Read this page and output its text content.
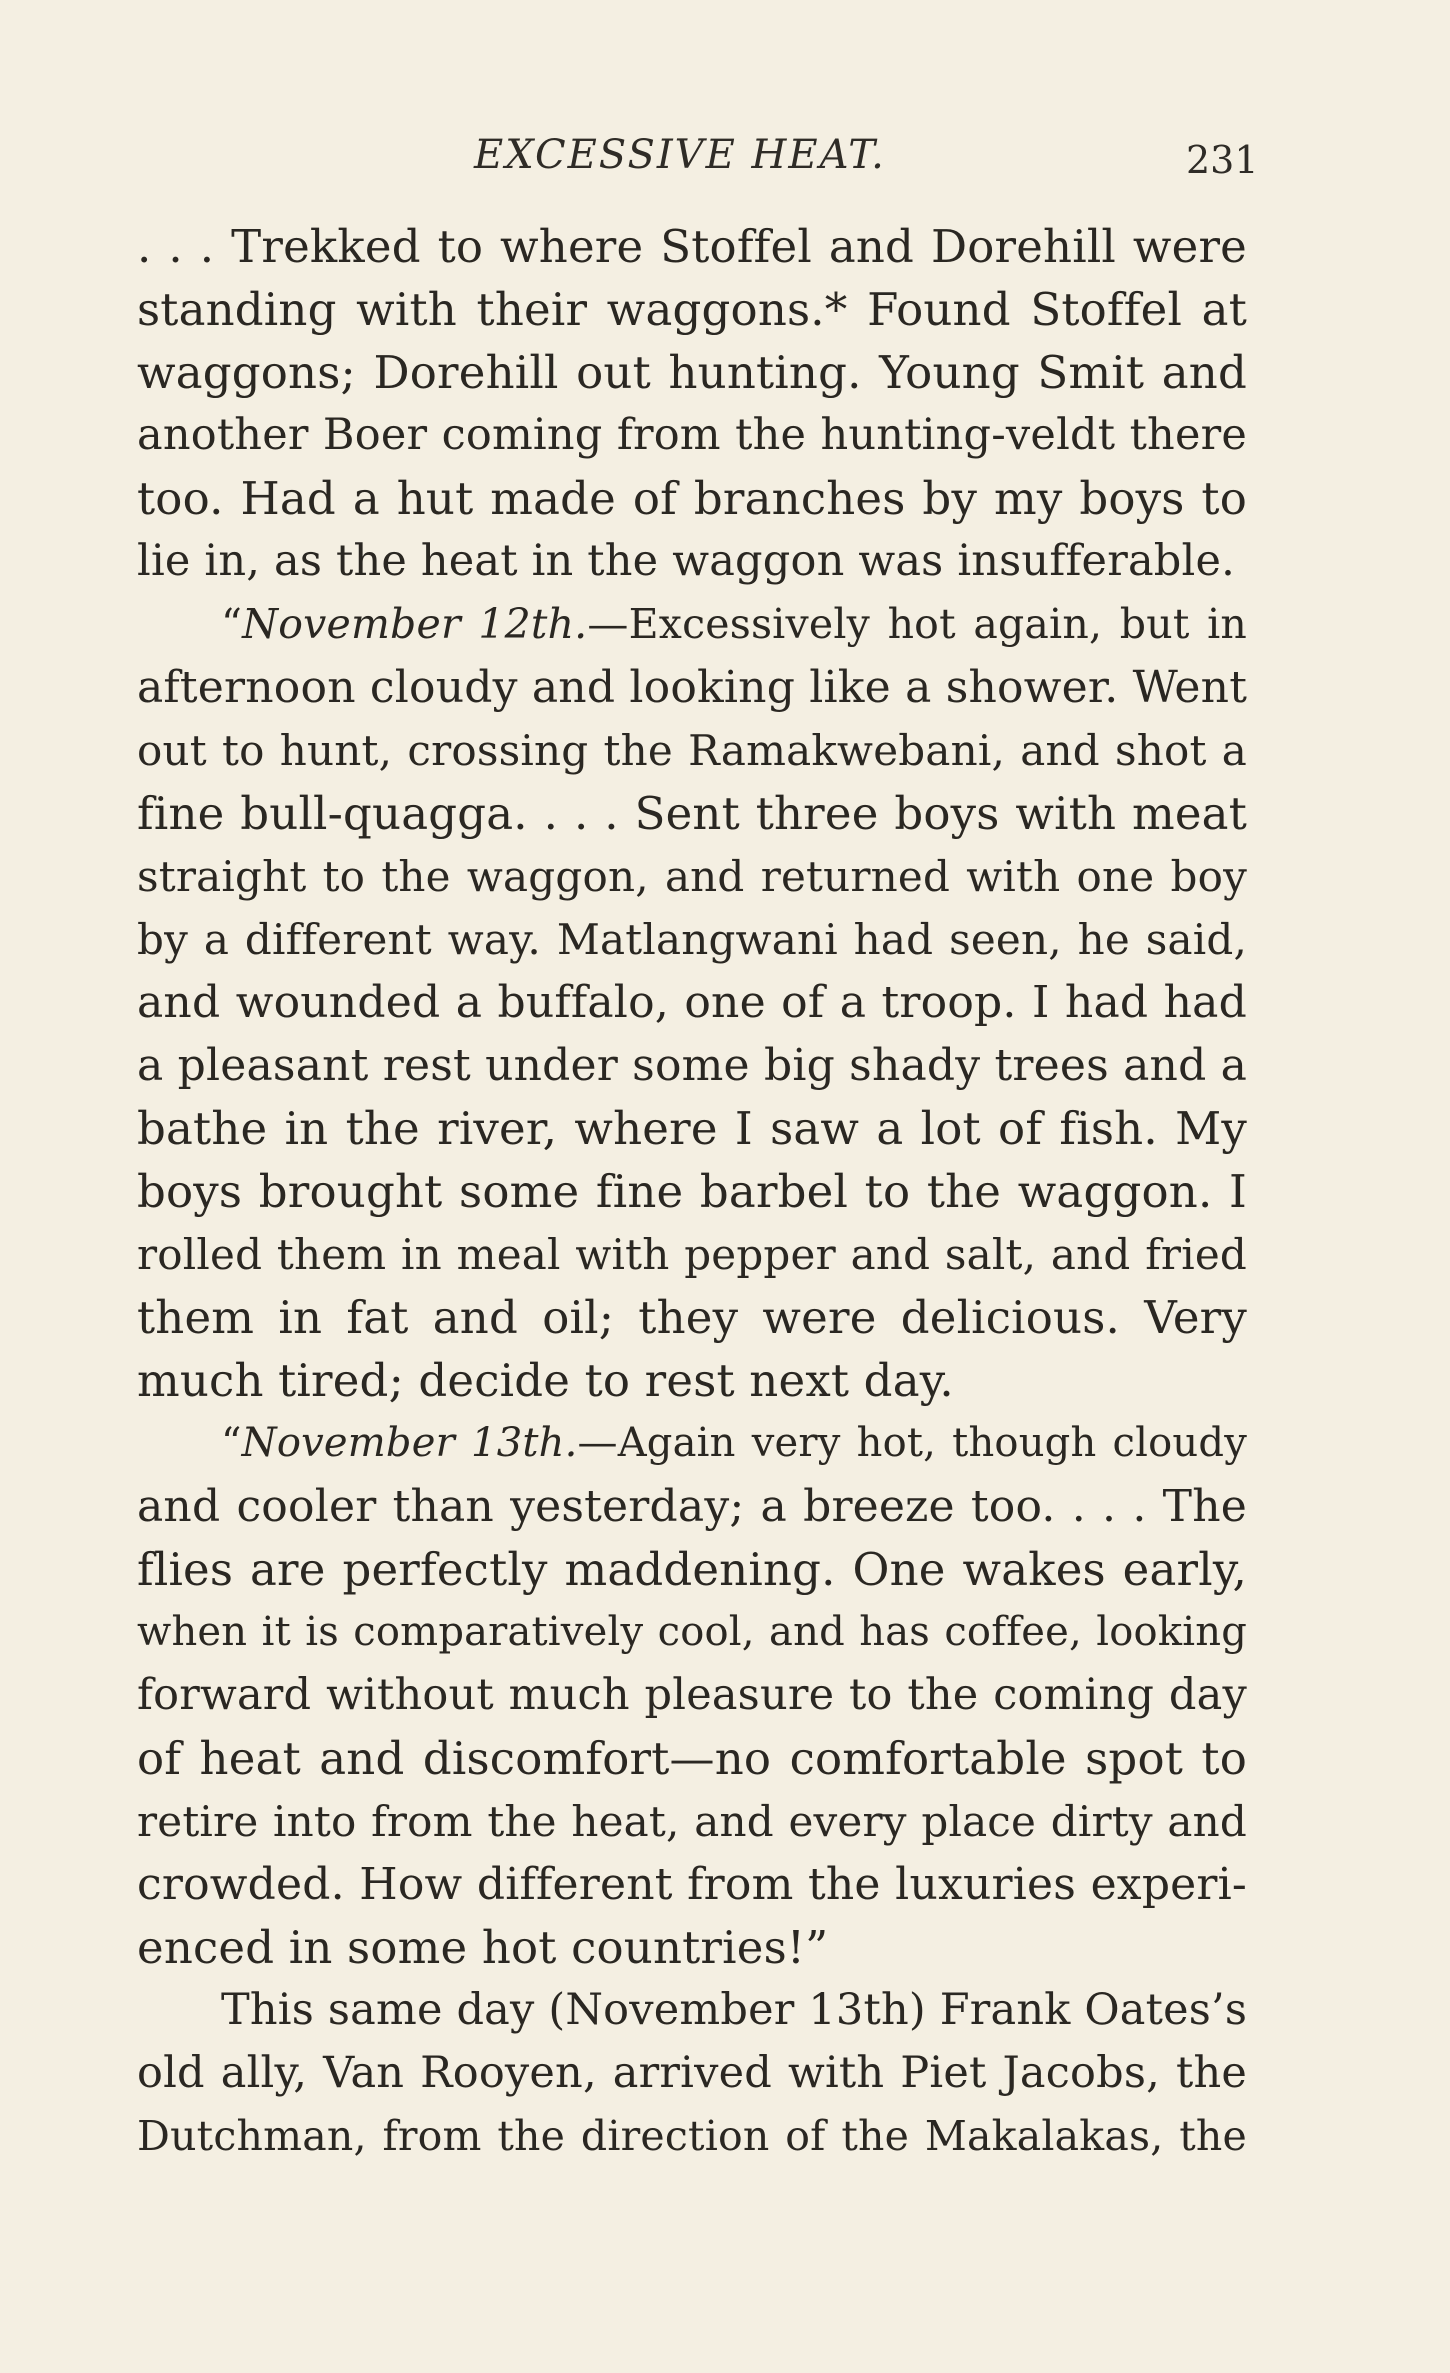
EXCESSIVE HEAT.	231
. . . Trekked to where Stoffel and Dorehill were
standing with their waggons.* Found Stoffel at
waggons; Dorehill out hunting. Young Smit and
another Boer coming from the hunting-veldt there
too. Had a hut made of branches by my boys to
lie in, as the heat in the waggon was insufferable.
“November 12th.—Excessively hot again, but in
afternoon cloudy and looking like a shower. Went
out to hunt, crossing the Ramakwebani, and shot a
fine bull-quagga. . . . Sent three boys with meat
straight to the waggon, and returned with one boy
by a different way. Matlangwani had seen, he said,
and wounded a buffalo, one of a troop. I had had
a pleasant rest under some big shady trees and a
bathe in the river, where I saw a lot of fish. My
boys brought some fine barbel to the waggon. I
rolled them in meal with pepper and salt, and fried
them in fat and oil; they were delicious. Very
much tired; decide to rest next day.
“November 13th.—Again very hot, though cloudy
and cooler than yesterday; a breeze too. . . . The
flies are perfectly maddening. One wakes early,
when it is comparatively cool, and has coffee, looking
forward without much pleasure to the coming day
of heat and discomfort—no comfortable spot to
retire into from the heat, and every place dirty and
crowded. How different from the luxuries experi-
enced in some hot countries!”
This same day (November 13th) Frank Oates’s
old ally, Van Rooyen, arrived with Piet Jacobs, the
Dutchman, from the direction of the Makalakas, the
